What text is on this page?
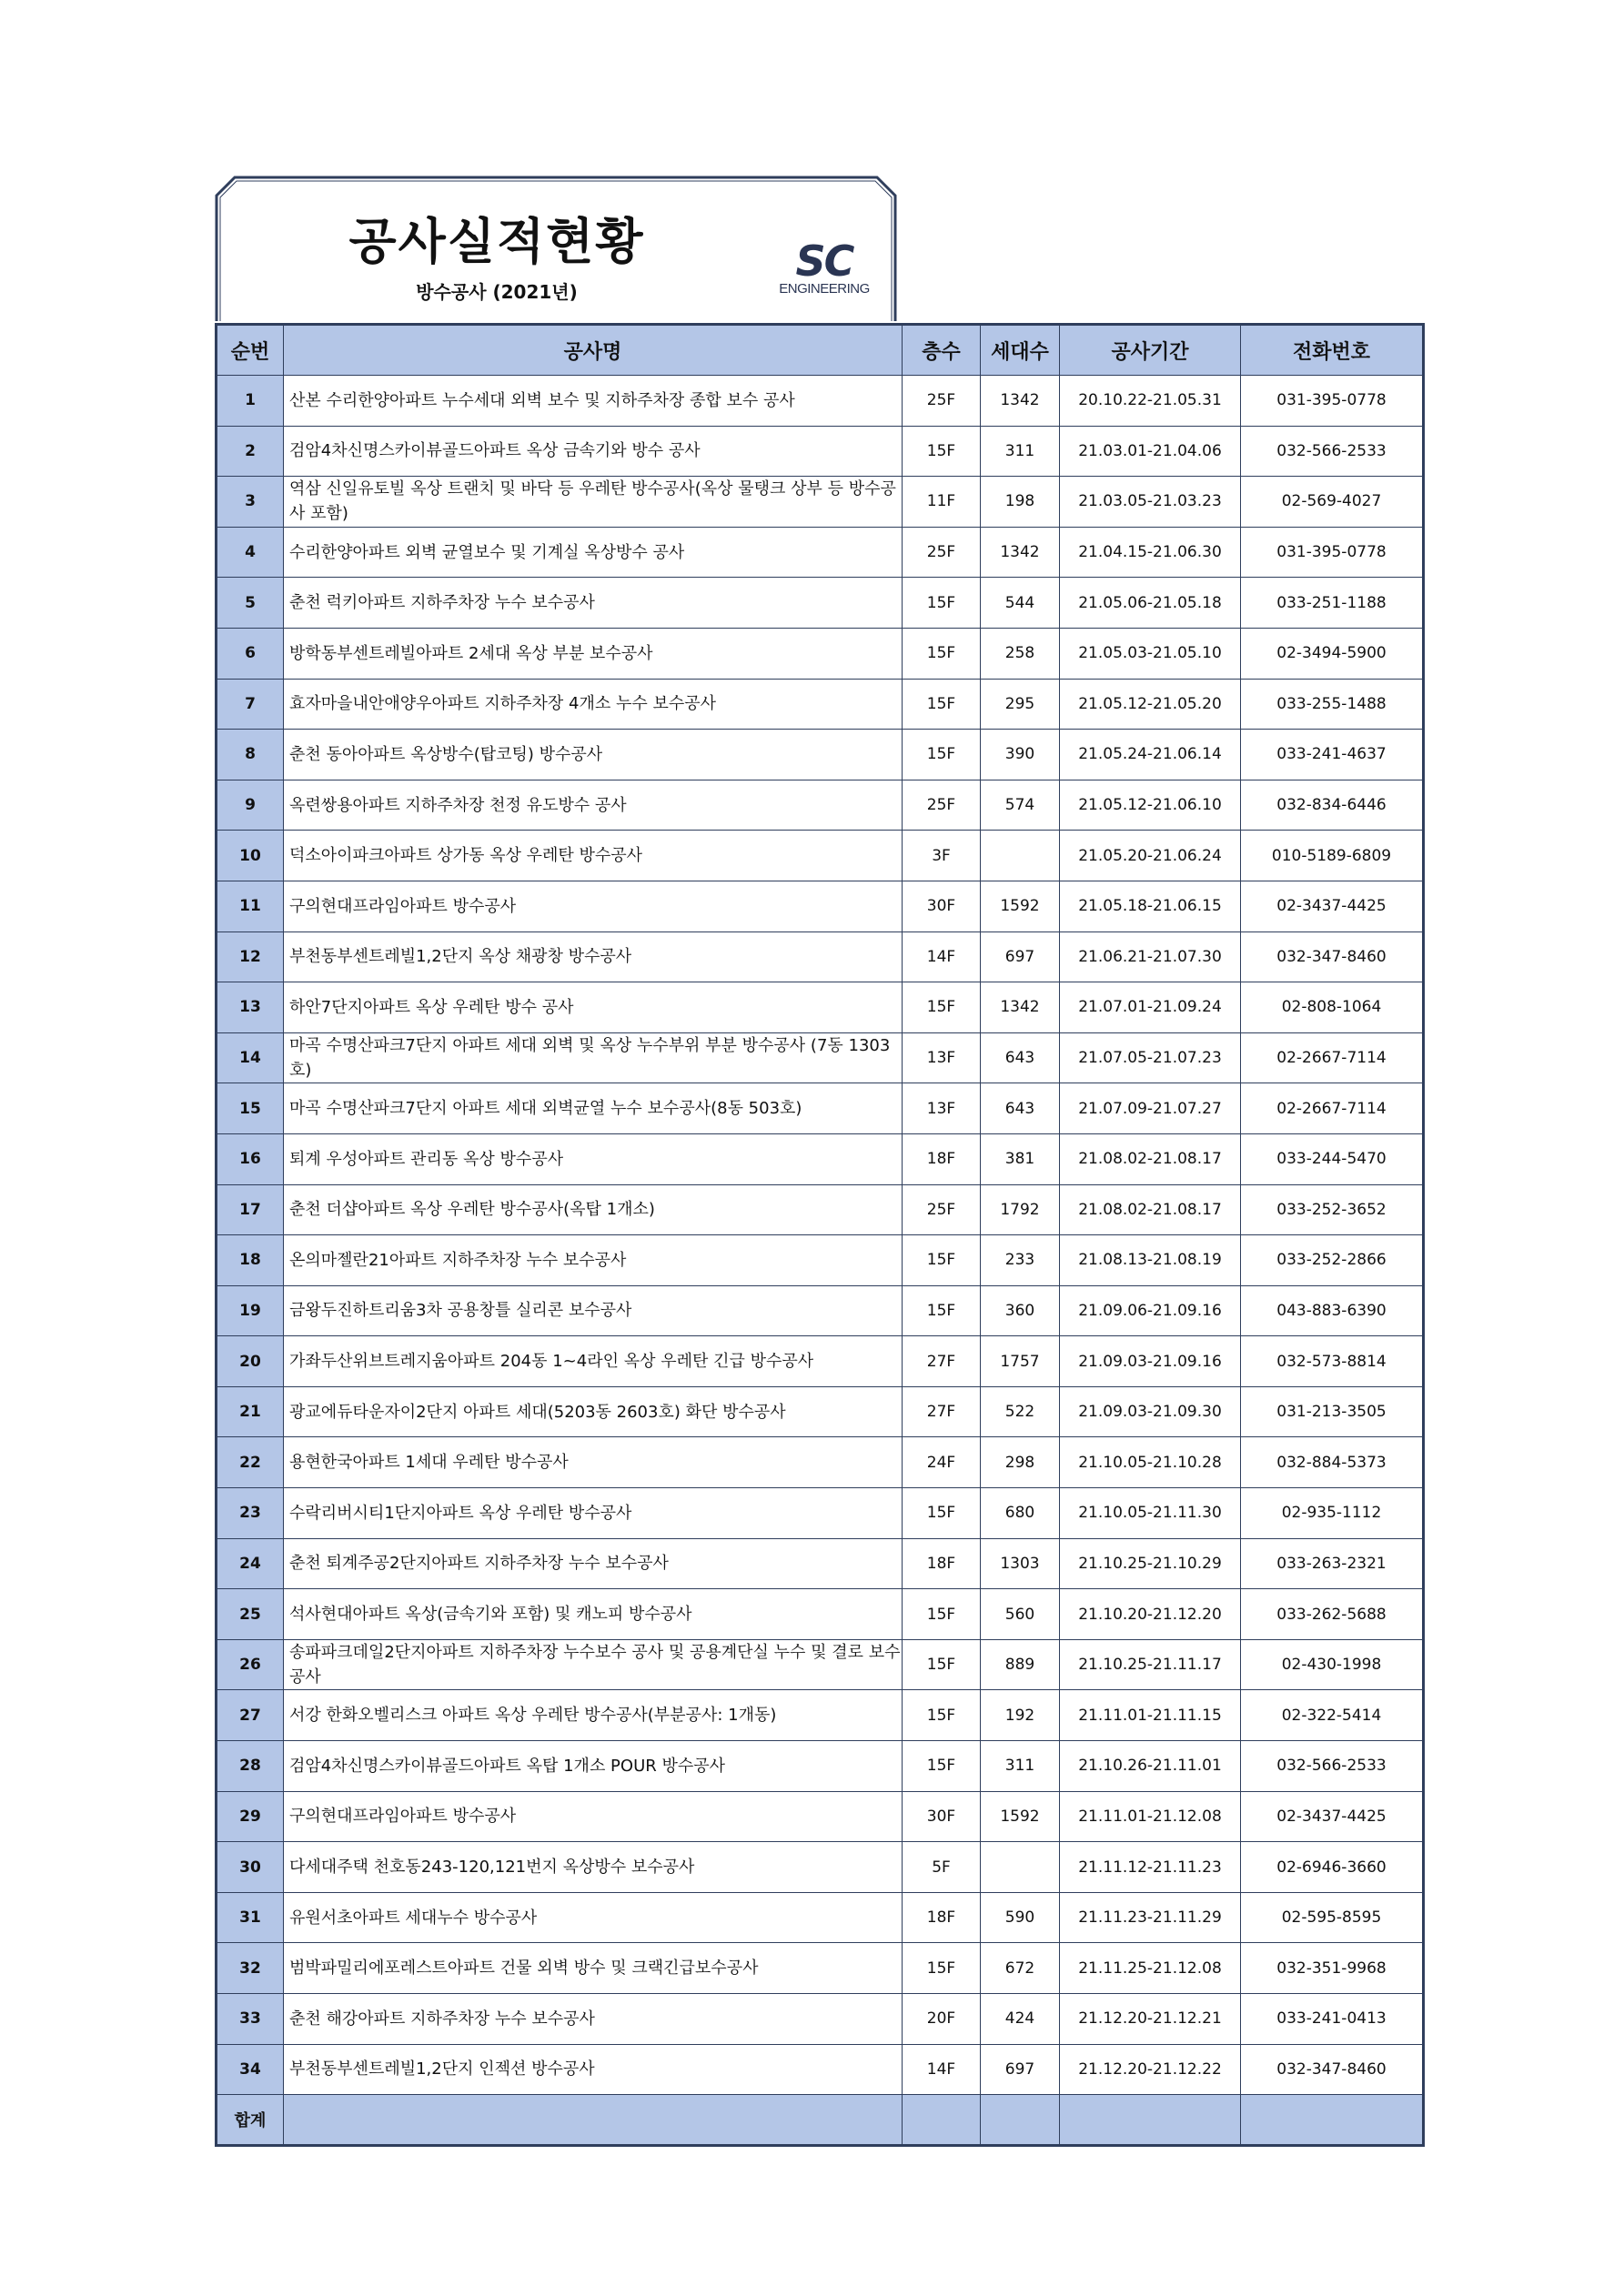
공사실적현황
방수공사 (2021년)
SC
ENGINEERING
순번	공사명	층수	세대수	공사기간	전화번호
1	산본 수리한양아파트 누수세대 외벽 보수 및 지하주차장 종합 보수 공사	25F	1342	20.10.22-21.05.31	031-395-0778
2	검암4차신명스카이뷰골드아파트 옥상 금속기와 방수 공사	15F	311	21.03.01-21.04.06	032-566-2533
3	역삼 신일유토빌 옥상 트랜치 및 바닥 등 우레탄 방수공사(옥상 물탱크 상부 등 방수공사 포함)	11F	198	21.03.05-21.03.23	02-569-4027
4	수리한양아파트 외벽 균열보수 및 기계실 옥상방수 공사	25F	1342	21.04.15-21.06.30	031-395-0778
5	춘천 럭키아파트 지하주차장 누수 보수공사	15F	544	21.05.06-21.05.18	033-251-1188
6	방학동부센트레빌아파트 2세대 옥상 부분 보수공사	15F	258	21.05.03-21.05.10	02-3494-5900
7	효자마을내안애양우아파트 지하주차장 4개소 누수 보수공사	15F	295	21.05.12-21.05.20	033-255-1488
8	춘천 동아아파트 옥상방수(탑코팅) 방수공사	15F	390	21.05.24-21.06.14	033-241-4637
9	옥련쌍용아파트 지하주차장 천정 유도방수 공사	25F	574	21.05.12-21.06.10	032-834-6446
10	덕소아이파크아파트 상가동 옥상 우레탄 방수공사	3F		21.05.20-21.06.24	010-5189-6809
11	구의현대프라임아파트 방수공사	30F	1592	21.05.18-21.06.15	02-3437-4425
12	부천동부센트레빌1,2단지 옥상 채광창 방수공사	14F	697	21.06.21-21.07.30	032-347-8460
13	하안7단지아파트 옥상 우레탄 방수 공사	15F	1342	21.07.01-21.09.24	02-808-1064
14	마곡 수명산파크7단지 아파트 세대 외벽 및 옥상 누수부위 부분 방수공사 (7동 1303호)	13F	643	21.07.05-21.07.23	02-2667-7114
15	마곡 수명산파크7단지 아파트 세대 외벽균열 누수 보수공사(8동 503호)	13F	643	21.07.09-21.07.27	02-2667-7114
16	퇴계 우성아파트 관리동 옥상 방수공사	18F	381	21.08.02-21.08.17	033-244-5470
17	춘천 더샵아파트 옥상 우레탄 방수공사(옥탑 1개소)	25F	1792	21.08.02-21.08.17	033-252-3652
18	온의마젤란21아파트 지하주차장 누수 보수공사	15F	233	21.08.13-21.08.19	033-252-2866
19	금왕두진하트리움3차 공용창틀 실리콘 보수공사	15F	360	21.09.06-21.09.16	043-883-6390
20	가좌두산위브트레지움아파트 204동 1~4라인 옥상 우레탄 긴급 방수공사	27F	1757	21.09.03-21.09.16	032-573-8814
21	광교에듀타운자이2단지 아파트 세대(5203동 2603호) 화단 방수공사	27F	522	21.09.03-21.09.30	031-213-3505
22	용현한국아파트 1세대 우레탄 방수공사	24F	298	21.10.05-21.10.28	032-884-5373
23	수락리버시티1단지아파트 옥상 우레탄 방수공사	15F	680	21.10.05-21.11.30	02-935-1112
24	춘천 퇴계주공2단지아파트 지하주차장 누수 보수공사	18F	1303	21.10.25-21.10.29	033-263-2321
25	석사현대아파트 옥상(금속기와 포함) 및 캐노피 방수공사	15F	560	21.10.20-21.12.20	033-262-5688
26	송파파크데일2단지아파트 지하주차장 누수보수 공사 및 공용계단실 누수 및 결로 보수공사	15F	889	21.10.25-21.11.17	02-430-1998
27	서강 한화오벨리스크 아파트 옥상 우레탄 방수공사(부분공사: 1개동)	15F	192	21.11.01-21.11.15	02-322-5414
28	검암4차신명스카이뷰골드아파트 옥탑 1개소 POUR 방수공사	15F	311	21.10.26-21.11.01	032-566-2533
29	구의현대프라임아파트 방수공사	30F	1592	21.11.01-21.12.08	02-3437-4425
30	다세대주택 천호동243-120,121번지 옥상방수 보수공사	5F		21.11.12-21.11.23	02-6946-3660
31	유원서초아파트 세대누수 방수공사	18F	590	21.11.23-21.11.29	02-595-8595
32	범박파밀리에포레스트아파트 건물 외벽 방수 및 크랙긴급보수공사	15F	672	21.11.25-21.12.08	032-351-9968
33	춘천 해강아파트 지하주차장 누수 보수공사	20F	424	21.12.20-21.12.21	033-241-0413
34	부천동부센트레빌1,2단지 인젝션 방수공사	14F	697	21.12.20-21.12.22	032-347-8460
합계					
